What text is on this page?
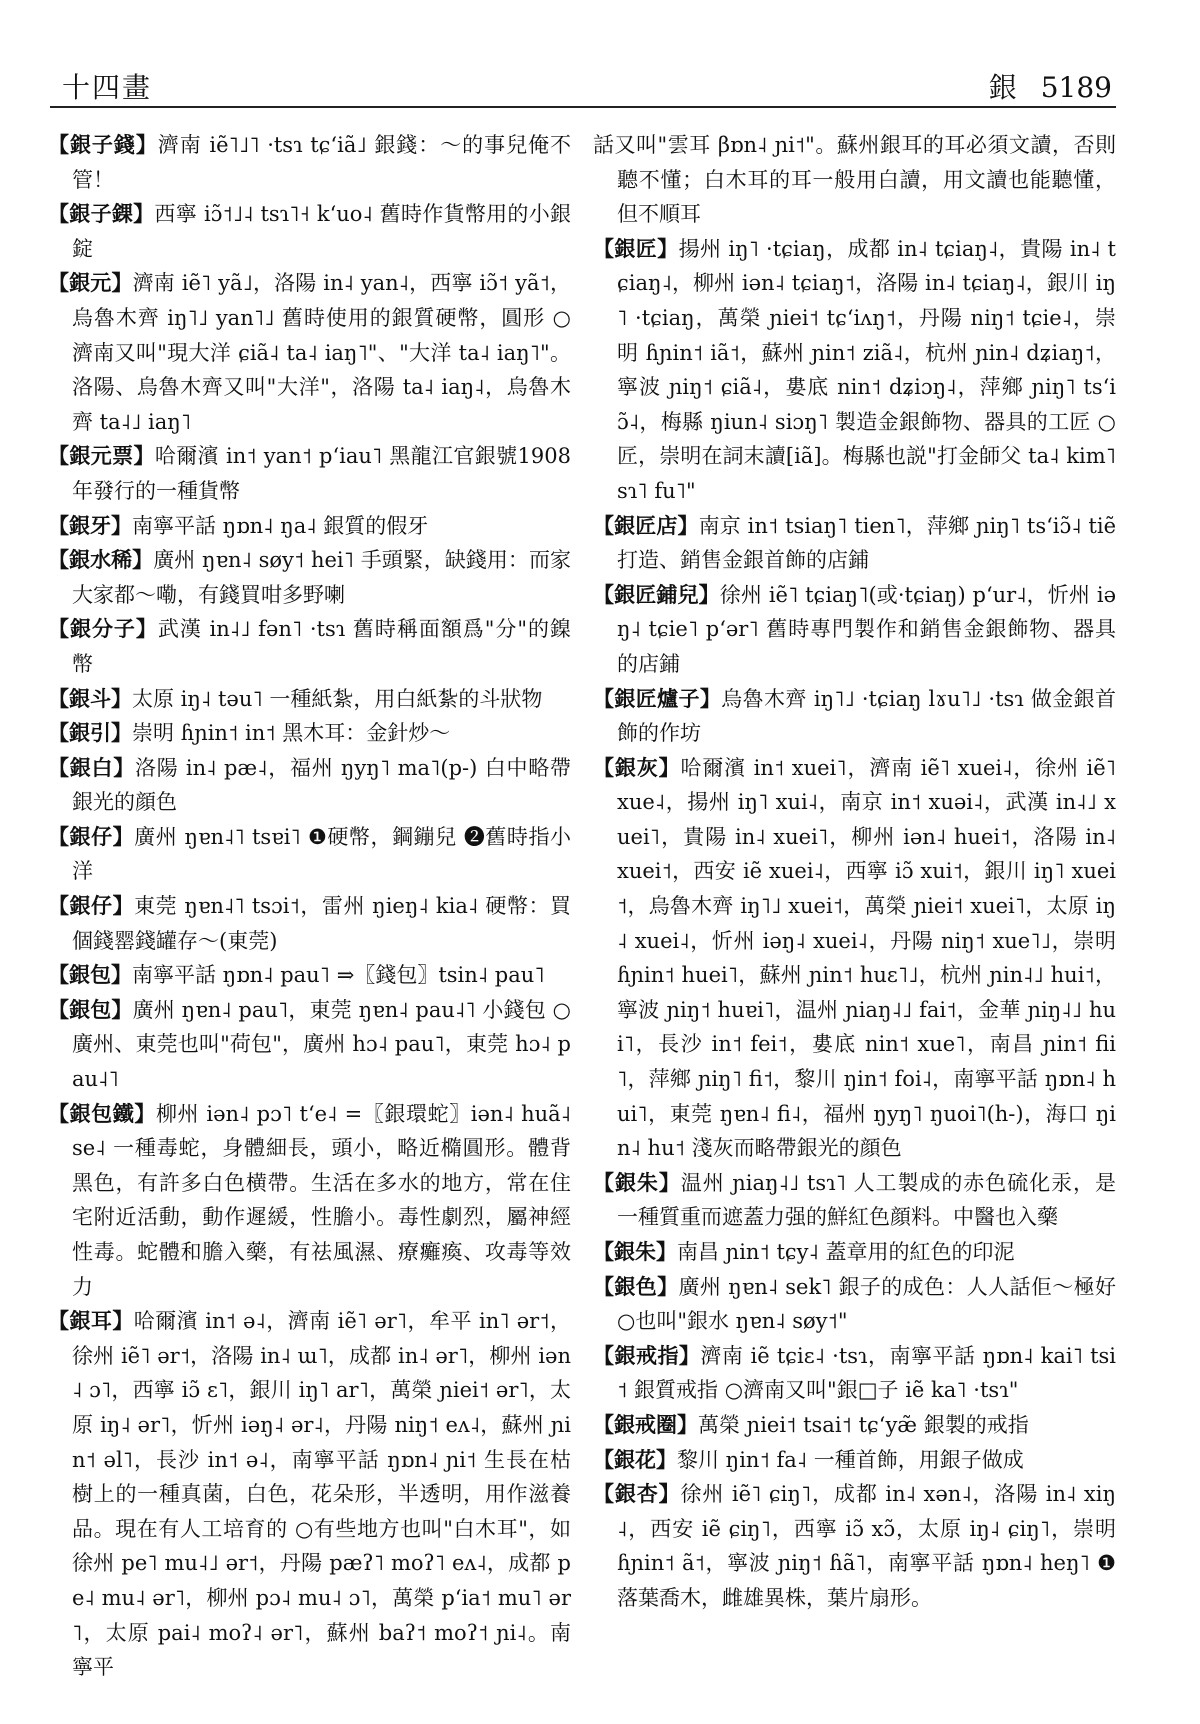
十四畫	銀 5189

【銀子錢】濟南 iẽ˥˩˥ ·tsɿ tɕʻiã˩ 銀錢：～的事兒俺不管！

【銀子錁】西寧 iɔ̃˦˩˨ tsɿ˥˧ kʻuo˨ 舊時作貨幣用的小銀錠

【銀元】濟南 iẽ˥ yã˩，洛陽 in˨ yan˨，西寧 iɔ̃˦ yã˦，烏魯木齊 iŋ˥˩ yan˥˩ 舊時使用的銀質硬幣，圓形 ○濟南又叫"現大洋 ɕiã˨ ta˨ iaŋ˥"、"大洋 ta˨ iaŋ˥"。洛陽、烏魯木齊又叫"大洋"，洛陽 ta˨ iaŋ˨，烏魯木齊 ta˨˩ iaŋ˥

【銀元票】哈爾濱 in˦ yan˦ pʻiau˥ 黑龍江官銀號1908年發行的一種貨幣

【銀牙】南寧平話 ŋɒn˨ ŋa˨ 銀質的假牙

【銀水稀】廣州 ŋɐn˨ søy˦ hei˥ 手頭緊，缺錢用：而家大家都～嘞，有錢買咁多野喇

【銀分子】武漢 in˨˩ fən˥ ·tsɿ 舊時稱面額爲"分"的鎳幣

【銀斗】太原 iŋ˨ təu˥ 一種紙紮，用白紙紮的斗狀物

【銀引】崇明 ɦɲin˦ in˦ 黑木耳：金針炒～

【銀白】洛陽 in˨ pæ˨，福州 ŋyŋ˥ ma˥(p-) 白中略帶銀光的顔色

【銀仔】廣州 ŋɐn˨˥ tsɐi˥ ❶硬幣，鋼鏰兒 ❷舊時指小洋

【銀仔】東莞 ŋɐn˨˥ tsɔi˦，雷州 ŋieŋ˨ kia˨ 硬幣：買個錢罂錢罐存～(東莞)

【銀包】南寧平話 ŋɒn˨ pau˥ ⇒〖錢包〗tsin˨ pau˥

【銀包】廣州 ŋɐn˨ pau˥，東莞 ŋɐn˨ pau˨˥ 小錢包 ○廣州、東莞也叫"荷包"，廣州 hɔ˨ pau˥，東莞 hɔ˨ pau˨˥

【銀包鐵】柳州 iən˨ pɔ˥ tʻe˨ =〖銀環蛇〗iən˨ huã˨ se˨ 一種毒蛇，身體細長，頭小，略近橢圓形。體背黑色，有許多白色横帶。生活在多水的地方，常在住宅附近活動，動作遲緩，性膽小。毒性劇烈，屬神經性毒。蛇體和膽入藥，有祛風濕、療癱瘓、攻毒等效力

【銀耳】哈爾濱 in˦ ə˨，濟南 iẽ˥ ər˥，牟平 in˥ ər˦，徐州 iẽ˥ ər˦，洛陽 in˨ ɯ˥，成都 in˨ ər˥，柳州 iən˨ ɔ˥，西寧 iɔ̃ ɛ˥，銀川 iŋ˥ ar˥，萬榮 ɲiei˦ ər˥，太原 iŋ˨ ər˥，忻州 iəŋ˨ ər˨，丹陽 niŋ˦ eʌ˨，蘇州 ɲin˦ əl˥，長沙 in˦ ə˨，南寧平話 ŋɒn˨ ɲi˦ 生長在枯樹上的一種真菌，白色，花朵形，半透明，用作滋養品。現在有人工培育的 ○有些地方也叫"白木耳"，如徐州 pe˥ mu˨˩ ər˦，丹陽 pæʔ˥ moʔ˥ eʌ˨，成都 pe˨ mu˨ ər˥，柳州 pɔ˨ mu˨ ɔ˥，萬榮 pʻia˦ mu˥ ər˥，太原 pai˨ moʔ˨ ər˥，蘇州 baʔ˦ moʔ˦ ɲi˨。南寧平

話又叫"雲耳 βɒn˨ ɲi˦"。蘇州銀耳的耳必須文讀，否則聽不懂；白木耳的耳一般用白讀，用文讀也能聽懂，但不順耳

【銀匠】揚州 iŋ˥ ·tɕiaŋ，成都 in˨ tɕiaŋ˨，貴陽 in˨ tɕiaŋ˨，柳州 iən˨ tɕiaŋ˦，洛陽 in˨ tɕiaŋ˨，銀川 iŋ˥ ·tɕiaŋ，萬榮 ɲiei˦ tɕʻiʌŋ˦，丹陽 niŋ˦ tɕie˨，崇明 ɦɲin˦ iã˦，蘇州 ɲin˦ ziã˨，杭州 ɲin˨ dʑiaŋ˦，寧波 ɲiŋ˦ ɕiã˨，婁底 nin˦ dʑiɔŋ˨，萍鄉 ɲiŋ˥ tsʻiɔ̃˨，梅縣 ŋiun˨ siɔŋ˥ 製造金銀飾物、器具的工匠 ○匠，崇明在詞末讀[iã]。梅縣也説"打金師父 ta˨ kim˥ sɿ˥ fu˥"

【銀匠店】南京 in˦ tsiaŋ˥ tien˥，萍鄉 ɲiŋ˥ tsʻiɔ̃˨ tiẽ 打造、銷售金銀首飾的店鋪

【銀匠鋪兒】徐州 iẽ˥ tɕiaŋ˥(或·tɕiaŋ) pʻur˨，忻州 iəŋ˨ tɕie˥ pʻər˥ 舊時專門製作和銷售金銀飾物、器具的店鋪

【銀匠爐子】烏魯木齊 iŋ˥˩ ·tɕiaŋ lɤu˥˩ ·tsɿ 做金銀首飾的作坊

【銀灰】哈爾濱 in˦ xuei˥，濟南 iẽ˥ xuei˨，徐州 iẽ˥ xue˨，揚州 iŋ˥ xui˨，南京 in˦ xuəi˨，武漢 in˨˩ xuei˥，貴陽 in˨ xuei˥，柳州 iən˨ huei˦，洛陽 in˨ xuei˦，西安 iẽ xuei˨，西寧 iɔ̃ xui˦，銀川 iŋ˥ xuei˦，烏魯木齊 iŋ˥˩ xuei˦，萬榮 ɲiei˦ xuei˥，太原 iŋ˨ xuei˨，忻州 iəŋ˨ xuei˨，丹陽 niŋ˦ xue˥˩，崇明 ɦɲin˦ huei˥，蘇州 ɲin˦ huɛ˥˩，杭州 ɲin˨˩ hui˦，寧波 ɲiŋ˦ huɐi˥，温州 ɲiaŋ˨˩ fai˦，金華 ɲiŋ˨˩ hui˥，長沙 in˦ fei˦，婁底 nin˦ xue˥，南昌 ɲin˦ fii˥，萍鄉 ɲiŋ˥ fi˦，黎川 ŋin˦ foi˨，南寧平話 ŋɒn˨ hui˥，東莞 ŋɐn˨ fi˨，福州 ŋyŋ˥ ŋuoi˥(h-)，海口 ŋin˨ hu˦ 淺灰而略帶銀光的顔色

【銀朱】温州 ɲiaŋ˨˩ tsɿ˥ 人工製成的赤色硫化汞，是一種質重而遮蓋力强的鮮紅色顔料。中醫也入藥

【銀朱】南昌 ɲin˦ tɕy˨ 蓋章用的紅色的印泥

【銀色】廣州 ŋɐn˨ sek˥ 銀子的成色：人人話佢～極好 ○也叫"銀水 ŋɐn˨ søy˦"

【銀戒指】濟南 iẽ tɕiɛ˨ ·tsɿ，南寧平話 ŋɒn˨ kai˥ tsi˦ 銀質戒指 ○濟南又叫"銀□子 iẽ ka˥ ·tsɿ"

【銀戒圈】萬榮 ɲiei˦ tsai˦ tɕʻyæ̃ 銀製的戒指

【銀花】黎川 ŋin˦ fa˨ 一種首飾，用銀子做成

【銀杏】徐州 iẽ˥ ɕiŋ˥，成都 in˨ xən˨，洛陽 in˨ xiŋ˨，西安 iẽ ɕiŋ˥，西寧 iɔ̃ xɔ̃，太原 iŋ˨ ɕiŋ˥，崇明 ɦɲin˦ ã˦，寧波 ɲiŋ˦ ɦã˥，南寧平話 ŋɒn˨ heŋ˥ ❶落葉喬木，雌雄異株，葉片扇形。
